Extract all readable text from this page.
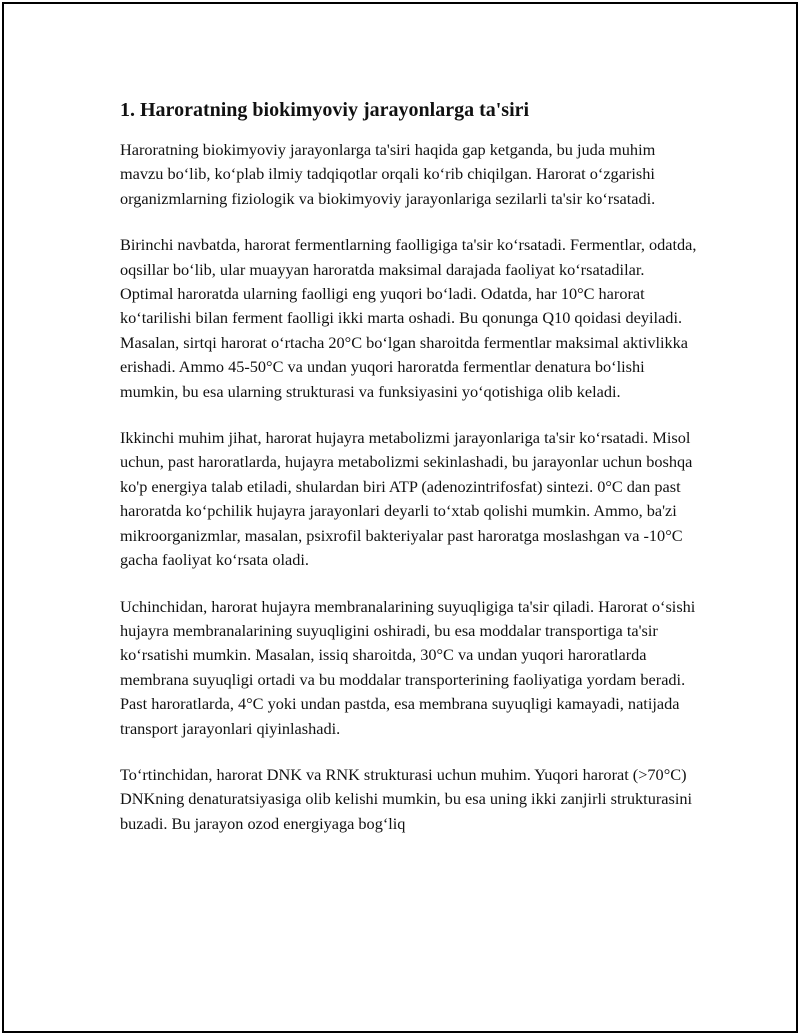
1. Haroratning biokimyoviy jarayonlarga ta'siri

Haroratning biokimyoviy jarayonlarga ta'siri haqida gap ketganda, bu juda muhim mavzu bo‘lib, ko‘plab ilmiy tadqiqotlar orqali ko‘rib chiqilgan. Harorat o‘zgarishi organizmlarning fiziologik va biokimyoviy jarayonlariga sezilarli ta'sir ko‘rsatadi.

Birinchi navbatda, harorat fermentlarning faolligiga ta'sir ko‘rsatadi. Fermentlar, odatda, oqsillar bo‘lib, ular muayyan haroratda maksimal darajada faoliyat ko‘rsatadilar. Optimal haroratda ularning faolligi eng yuqori bo‘ladi. Odatda, har 10°C harorat ko‘tarilishi bilan ferment faolligi ikki marta oshadi. Bu qonunga Q10 qoidasi deyiladi. Masalan, sirtqi harorat o‘rtacha 20°C bo‘lgan sharoitda fermentlar maksimal aktivlikka erishadi. Ammo 45-50°C va undan yuqori haroratda fermentlar denatura bo‘lishi mumkin, bu esa ularning strukturasi va funksiyasini yo‘qotishiga olib keladi.

Ikkinchi muhim jihat, harorat hujayra metabolizmi jarayonlariga ta'sir ko‘rsatadi. Misol uchun, past haroratlarda, hujayra metabolizmi sekinlashadi, bu jarayonlar uchun boshqa ko'p energiya talab etiladi, shulardan biri ATP (adenozintrifosfat) sintezi. 0°C dan past haroratda ko‘pchilik hujayra jarayonlari deyarli to‘xtab qolishi mumkin. Ammo, ba'zi mikroorganizmlar, masalan, psixrofil bakteriyalar past haroratga moslashgan va -10°C gacha faoliyat ko‘rsata oladi.

Uchinchidan, harorat hujayra membranalarining suyuqligiga ta'sir qiladi. Harorat o‘sishi hujayra membranalarining suyuqligini oshiradi, bu esa moddalar transportiga ta'sir ko‘rsatishi mumkin. Masalan, issiq sharoitda, 30°C va undan yuqori haroratlarda membrana suyuqligi ortadi va bu moddalar transporterining faoliyatiga yordam beradi. Past haroratlarda, 4°C yoki undan pastda, esa membrana suyuqligi kamayadi, natijada transport jarayonlari qiyinlashadi.

To‘rtinchidan, harorat DNK va RNK strukturasi uchun muhim. Yuqori harorat (>70°C) DNKning denaturatsiyasiga olib kelishi mumkin, bu esa uning ikki zanjirli strukturasini buzadi. Bu jarayon ozod energiyaga bog‘liq
